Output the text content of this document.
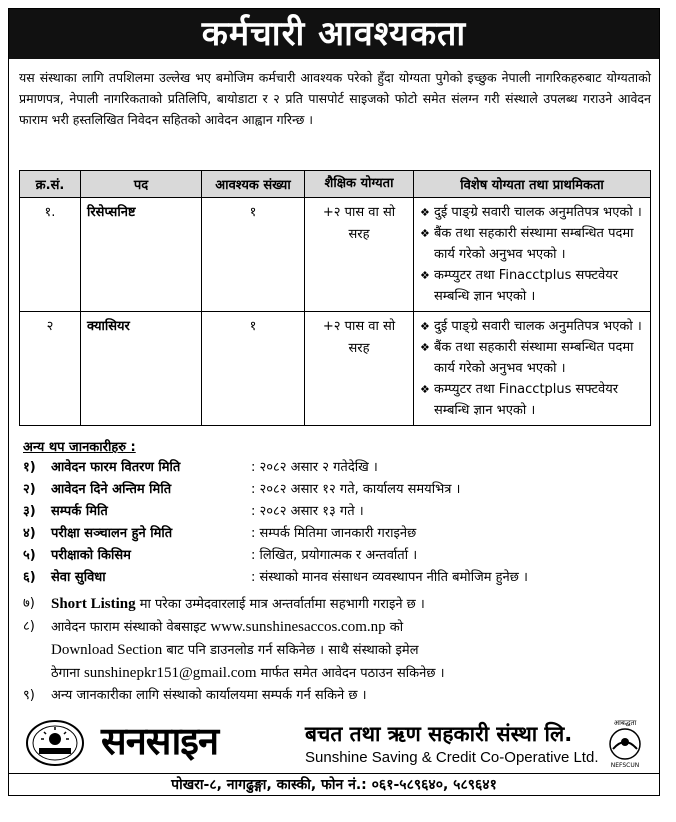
कर्मचारी आवश्यकता
यस संस्थाका लागि तपशिलमा उल्लेख भए बमोजिम कर्मचारी आवश्यक परेको हुँदा योग्यता पुगेको इच्छुक नेपाली नागरिकहरुबाट योग्यताको प्रमाणपत्र, नेपाली नागरिकताको प्रतिलिपि, बायोडाटा र २ प्रति पासपोर्ट साइजको फोटो समेत संलग्न गरी संस्थाले उपलब्ध गराउने आवेदन फाराम भरी हस्तलिखित निवेदन सहितको आवेदन आह्वान गरिन्छ ।
क्र.सं.	पद	आवश्यक संख्या	शैक्षिक योग्यता	विशेष योग्यता तथा प्राथमिकता
१.	रिसेप्सनिष्ट	१	+२ पास वा सो सरह	❖ दुई पाङ्ग्रे सवारी चालक अनुमतिपत्र भएको ।
❖ बैंक तथा सहकारी संस्थामा सम्बन्धित पदमा कार्य गरेको अनुभव भएको ।
❖ कम्प्युटर तथा Finacctplus सफ्टवेयर सम्बन्धि ज्ञान भएको ।

२	क्यासियर	१	+२ पास वा सो सरह	❖ दुई पाङ्ग्रे सवारी चालक अनुमतिपत्र भएको ।
❖ बैंक तथा सहकारी संस्थामा सम्बन्धित पदमा कार्य गरेको अनुभव भएको ।
❖ कम्प्युटर तथा Finacctplus सफ्टवेयर सम्बन्धि ज्ञान भएको ।
अन्य थप जानकारीहरु :
१)	आवेदन फारम वितरण मिति	: २०८२ असार २ गतेदेखि ।
२)	आवेदन दिने अन्तिम मिति	: २०८२ असार १२ गते, कार्यालय समयभित्र ।
३)	सम्पर्क मिति	: २०८२ असार १३ गते ।
४)	परीक्षा सञ्चालन हुने मिति	: सम्पर्क मितिमा जानकारी गराइनेछ
५)	परीक्षाको किसिम	: लिखित, प्रयोगात्मक र अन्तर्वार्ता ।
६)	सेवा सुविधा	: संस्थाको मानव संसाधन व्यवस्थापन नीति बमोजिम हुनेछ ।
७)	Short Listing मा परेका उम्मेदवारलाई मात्र अन्तर्वार्तामा सहभागी गराइने छ ।
८)	आवेदन फाराम संस्थाको वेबसाइट www.sunshinesaccos.com.np को
Download Section बाट पनि डाउनलोड गर्न सकिनेछ । साथै संस्थाको इमेल
ठेगाना sunshinepkr151@gmail.com मार्फत समेत आवेदन पठाउन सकिनेछ ।
९)	अन्य जानकारीका लागि संस्थाको कार्यालयमा सम्पर्क गर्न सकिने छ ।
सनसाइन	बचत तथा ऋण सहकारी संस्था लि.
Sunshine Saving & Credit Co-Operative Ltd.
आबद्धता
NEFSCUN
पोखरा-८, नागढुङ्गा, कास्की, फोन नं.: ०६१-५८९६४०, ५८९६४१
